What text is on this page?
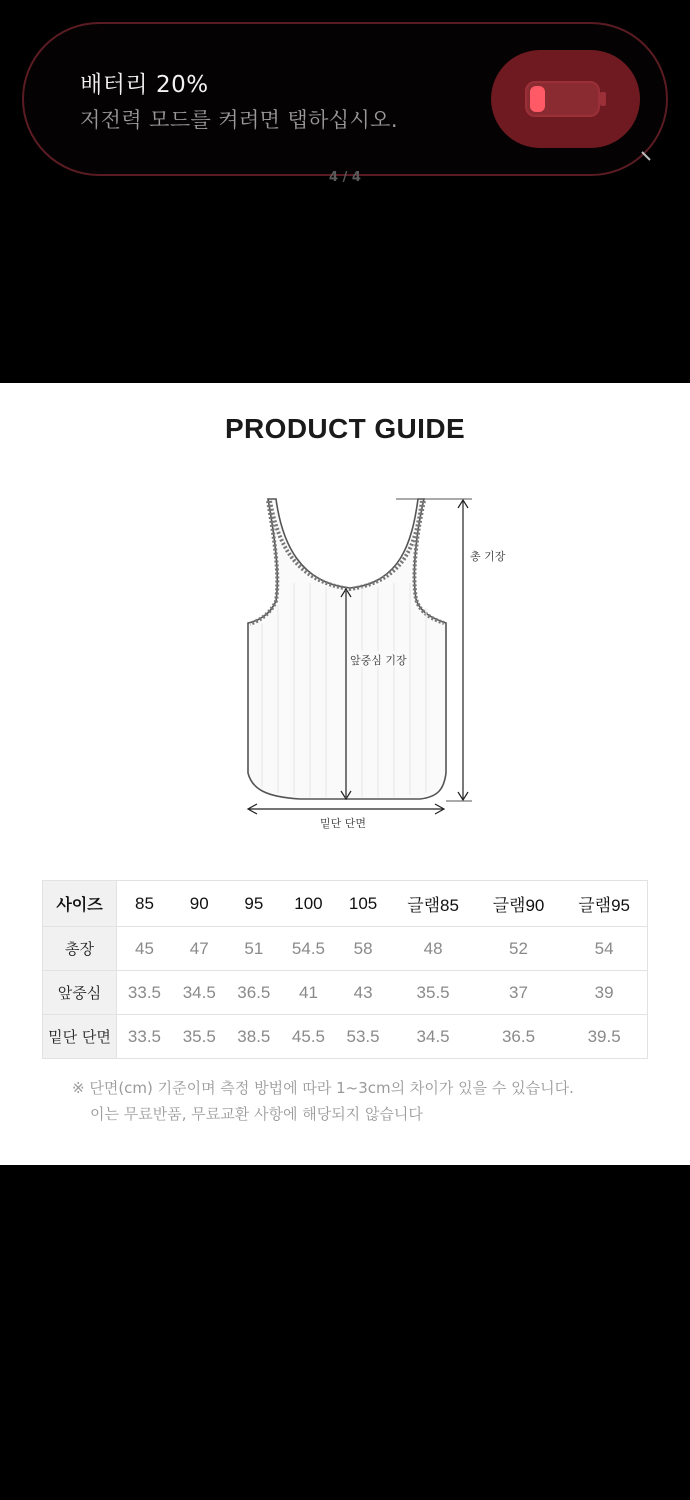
배터리 20%
저전력 모드를 켜려면 탭하십시오.
4 / 4
PRODUCT GUIDE
앞중심 기장
총 기장
밑단 단면
사이즈	85	90	95	100	105	글램85	글램90	글램95
총장	45	47	51	54.5	58	48	52	54
앞중심	33.5	34.5	36.5	41	43	35.5	37	39
밑단 단면	33.5	35.5	38.5	45.5	53.5	34.5	36.5	39.5
※ 단면(cm) 기준이며 측정 방법에 따라 1~3cm의 차이가 있을 수 있습니다.
이는 무료반품, 무료교환 사항에 해당되지 않습니다
